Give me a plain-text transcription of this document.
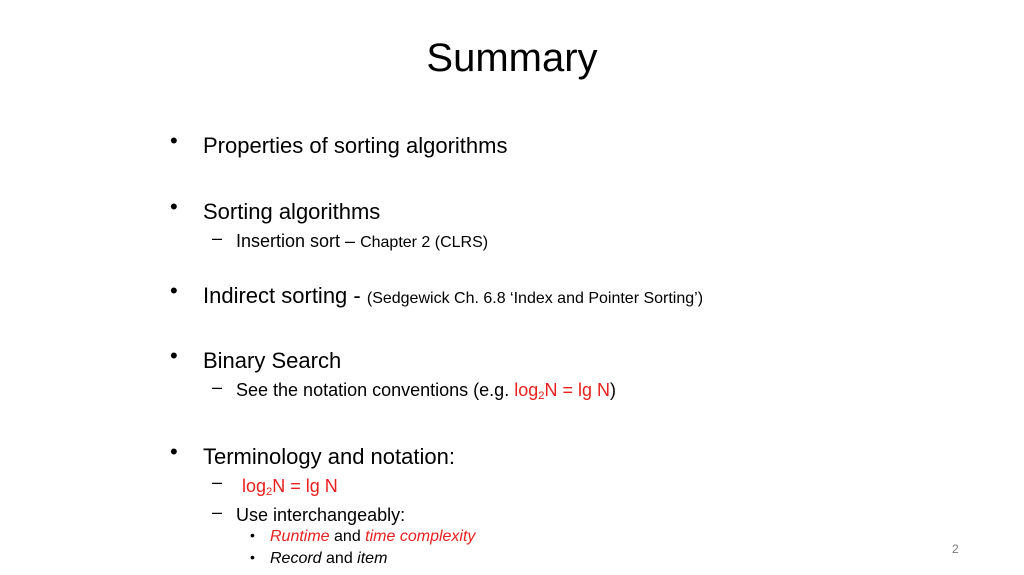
Summary
• Properties of sorting algorithms
• Sorting algorithms
– Insertion sort – Chapter 2 (CLRS)
• Indirect sorting - (Sedgewick Ch. 6.8 ‘Index and Pointer Sorting’)
• Binary Search
– See the notation conventions (e.g. $\log_2N = \lg N$)
• Terminology and notation:
– $\log_2N = \lg N$
– Use interchangeably:
• Runtime and time complexity
• Record and item
2
